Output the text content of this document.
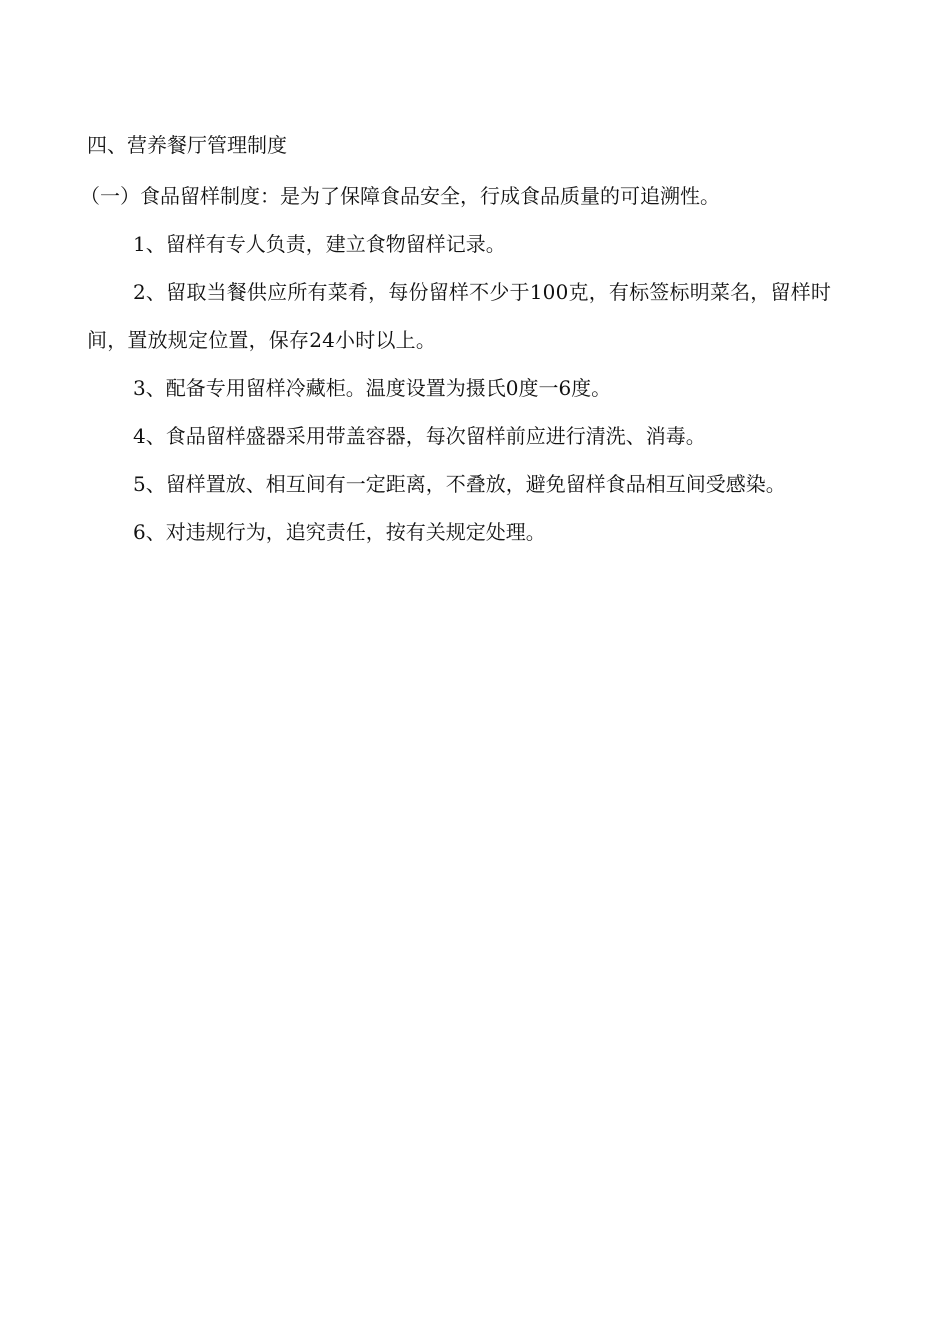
四、营养餐厅管理制度
（一）食品留样制度：是为了保障食品安全，行成食品质量的可追溯性。
1、留样有专人负责，建立食物留样记录。
2、留取当餐供应所有菜肴，每份留样不少于100克，有标签标明菜名，留样时间，置放规定位置，保存24小时以上。
3、配备专用留样冷藏柜。温度设置为摄氏0度一6度。
4、食品留样盛器采用带盖容器，每次留样前应进行清洗、消毒。
5、留样置放、相互间有一定距离，不叠放，避免留样食品相互间受感染。
6、对违规行为，追究责任，按有关规定处理。
